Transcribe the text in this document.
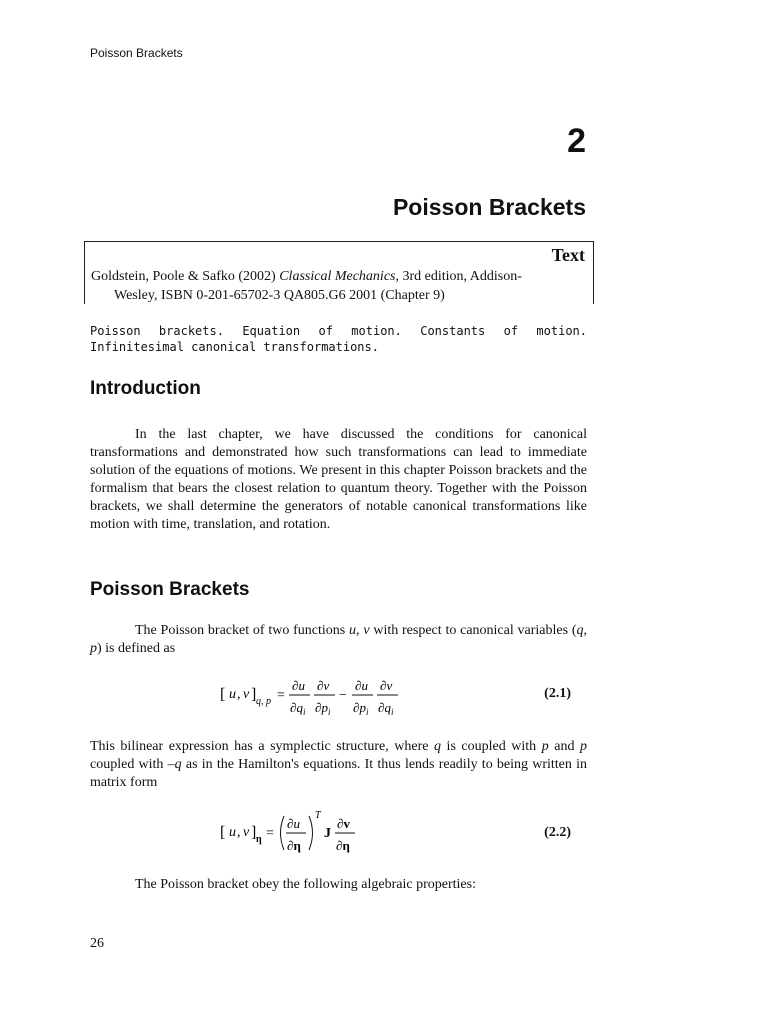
Poisson Brackets
2
Poisson Brackets
Text
Goldstein, Poole & Safko (2002) Classical Mechanics, 3rd edition, Addison-
Wesley, ISBN 0-201-65702-3 QA805.G6 2001 (Chapter 9)
Poisson brackets. Equation of motion. Constants of motion. Infinitesimal canonical transformations.
Introduction
In the last chapter, we have discussed the conditions for canonical transformations and demonstrated how such transformations can lead to immediate solution of the equations of motions. We present in this chapter Poisson brackets and the formalism that bears the closest relation to quantum theory. Together with the Poisson brackets, we shall determine the generators of notable canonical transformations like motion with time, translation, and rotation.
Poisson Brackets
The Poisson bracket of two functions u, v with respect to canonical variables (q, p) is defined as
[ u , v ] q, p =
∂u
$\partial q_i$
∂v
$\partial p_i$
−
∂u
$\partial p_i$
∂v
$\partial q_i$
(2.1)
This bilinear expression has a symplectic structure, where q is coupled with p and p coupled with –q as in the Hamilton's equations. It thus lends readily to being written in matrix form
[ u , v ] η =
∂u
∂η
T
J
∂v
∂η
(2.2)
The Poisson bracket obey the following algebraic properties:
26
